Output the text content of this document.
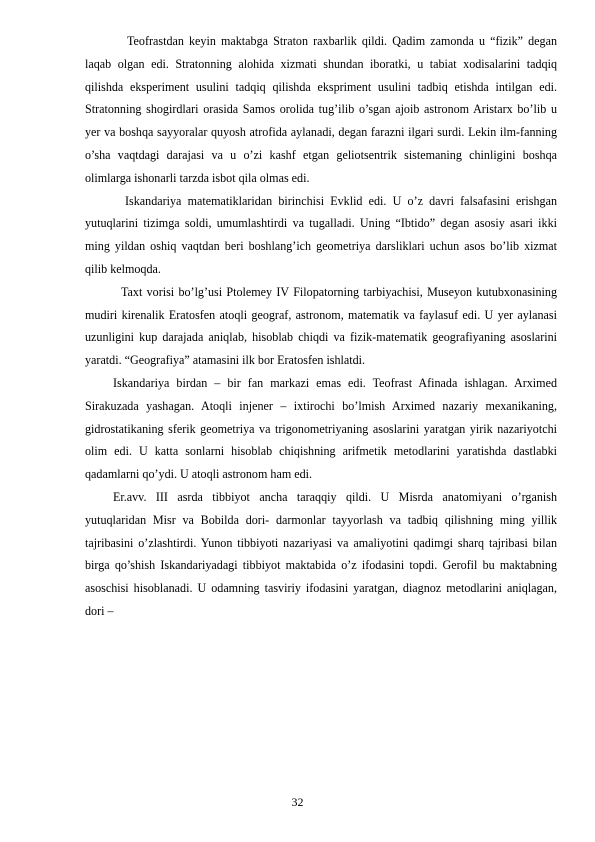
Teofrastdan keyin maktabga Straton raxbarlik qildi. Qadim zamonda u “fizik” degan laqab olgan edi. Stratonning alohida xizmati shundan iboratki, u tabiat xodisalarini tadqiq qilishda eksperiment usulini tadqiq qilishda eksprimеnt usulini tadbiq etishda intilgan edi. Stratonning shogirdlari orasida Samos orolida tug’ilib o’sgan ajoib astronom Aristarx bo’lib u yer va boshqa sayyoralar quyosh atrofida aylanadi, degan farazni ilgari surdi. Lekin ilm-fanning o’sha vaqtdagi darajasi va u o’zi kashf etgan geliotsentrik sistemaning chinligini boshqa olimlarga ishonarli tarzda isbot qila olmas edi.

Iskandariya matematiklaridan birinchisi Evklid edi. U o’z davri falsafasini erishgan yutuqlarini tizimga soldi, umumlashtirdi va tugalladi. Uning “Ibtido” degan asosiy asari ikki ming yildan oshiq vaqtdan beri boshlang’ich geometriya darsliklari uchun asos bo’lib xizmat qilib kelmoqda.

Taxt vorisi bo’lg’usi Ptolemey IV Filopatorning tarbiyachisi, Museyon kutubxonasining mudiri kirenalik Eratosfen atoqli geograf, astronom, matematik va faylasuf edi. U yer aylanasi uzunligini kup darajada aniqlab, hisoblab chiqdi va fizik-matematik geografiyaning asoslarini yaratdi. “Geografiya” atamasini ilk bor Eratosfen ishlatdi.

Iskandariya birdan – bir fan markazi emas edi. Teofrast Afinada ishlagan. Arximed Sirakuzada yashagan. Atoqli injener – ixtirochi bo’lmish Arximed nazariy mexanikaning, gidrostatikaning sferik geometriya va trigonometriyaning asoslarini yaratgan yirik nazariyotchi olim edi. U katta sonlarni hisoblab chiqishning arifmetik metodlarini yaratishda dastlabki qadamlarni qo’ydi. U atoqli astronom ham edi.

Er.avv. III asrda tibbiyot ancha taraqqiy qildi. U Misrda anatomiyani o’rganish yutuqlaridan Misr va Bobilda dori- darmonlar tayyorlash va tadbiq qilishning ming yillik tajribasini o’zlashtirdi. Yunon tibbiyoti nazariyasi va amaliyotini qadimgi sharq tajribasi bilan birga qo’shish Iskandariyadagi tibbiyot maktabida o’z ifodasini topdi. Gerofil bu maktabning asoschisi hisoblanadi. U odamning tasviriy ifodasini yaratgan, diagnoz metodlarini aniqlagan, dori –

32
